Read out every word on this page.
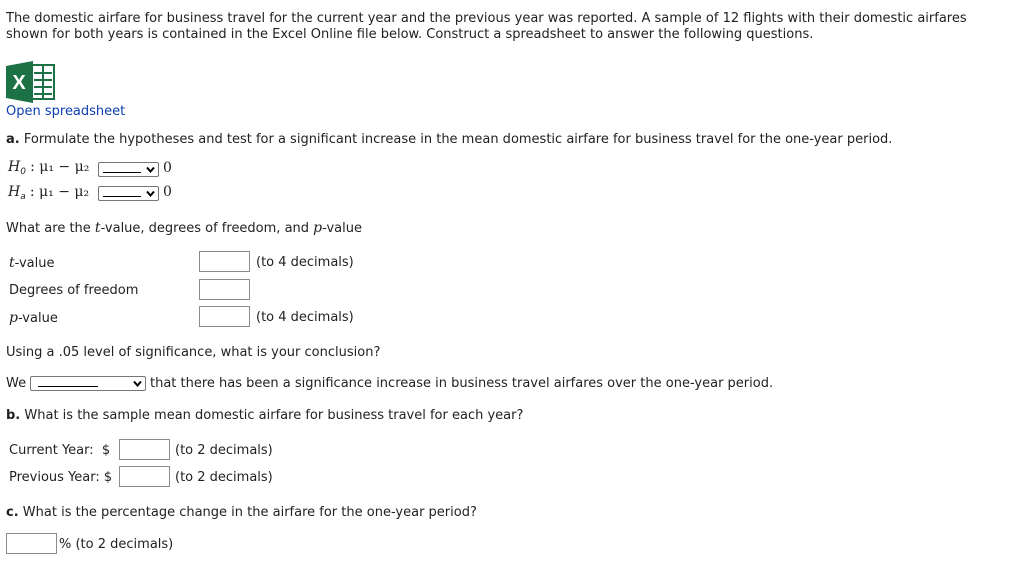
The domestic airfare for business travel for the current year and the previous year was reported. A sample of 12 flights with their domestic airfares shown for both years is contained in the Excel Online file below. Construct a spreadsheet to answer the following questions.
X
Open spreadsheet
a. Formulate the hypotheses and test for a significant increase in the mean domestic airfare for business travel for the one-year period.
$H_0$ : μ₁ − μ₂	0
$H_a$ : μ₁ − μ₂	0
What are the t-value, degrees of freedom, and p-value
t-value	(to 4 decimals)
Degrees of freedom
p-value	(to 4 decimals)
Using a .05 level of significance, what is your conclusion?
We	that there has been a significance increase in business travel airfares over the one-year period.
b. What is the sample mean domestic airfare for business travel for each year?
Current Year: $	(to 2 decimals)
Previous Year: $	(to 2 decimals)
c. What is the percentage change in the airfare for the one-year period?
% (to 2 decimals)
